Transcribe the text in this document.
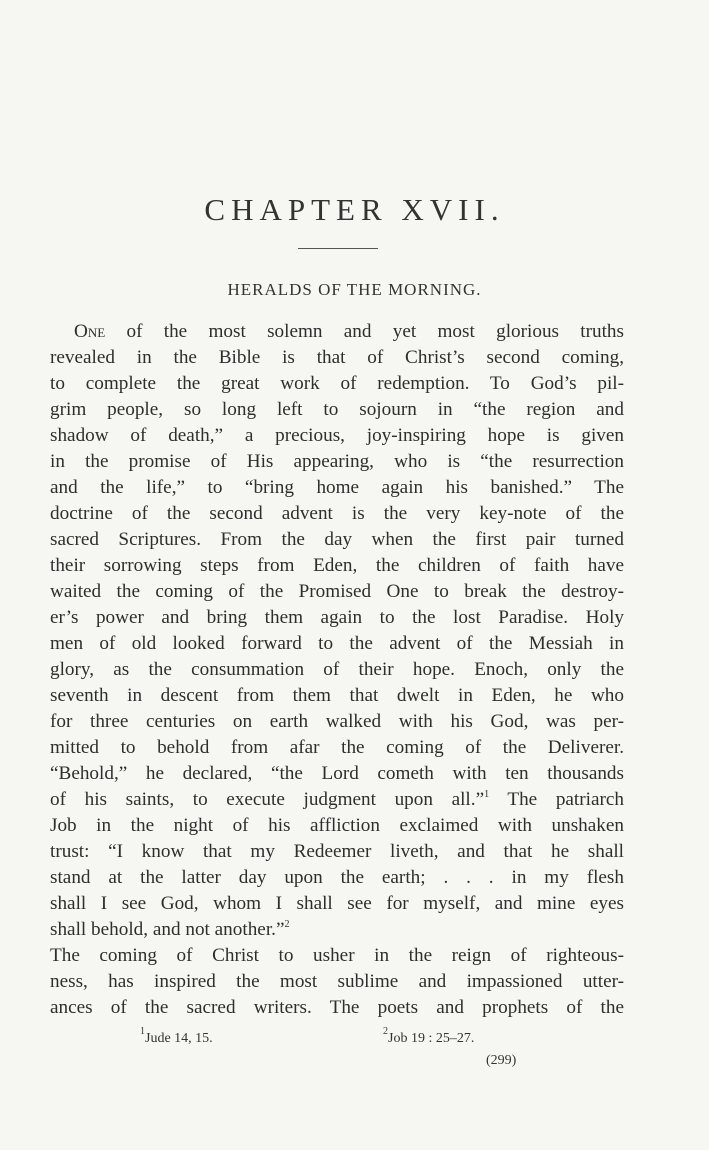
CHAPTER XVII.
HERALDS OF THE MORNING.
One of the most solemn and yet most glorious truths
revealed in the Bible is that of Christ’s second coming,
to complete the great work of redemption. To God’s pil-
grim people, so long left to sojourn in “the region and
shadow of death,” a precious, joy-inspiring hope is given
in the promise of His appearing, who is “the resurrection
and the life,” to “bring home again his banished.” The
doctrine of the second advent is the very key-note of the
sacred Scriptures. From the day when the first pair turned
their sorrowing steps from Eden, the children of faith have
waited the coming of the Promised One to break the destroy-
er’s power and bring them again to the lost Paradise. Holy
men of old looked forward to the advent of the Messiah in
glory, as the consummation of their hope. Enoch, only the
seventh in descent from them that dwelt in Eden, he who
for three centuries on earth walked with his God, was per-
mitted to behold from afar the coming of the Deliverer.
“Behold,” he declared, “the Lord cometh with ten thousands
of his saints, to execute judgment upon all.”$^1$ The patriarch
Job in the night of his affliction exclaimed with unshaken
trust: “I know that my Redeemer liveth, and that he shall
stand at the latter day upon the earth; . . . in my flesh
shall I see God, whom I shall see for myself, and mine eyes
shall behold, and not another.”$^2$
The coming of Christ to usher in the reign of righteous-
ness, has inspired the most sublime and impassioned utter-
ances of the sacred writers. The poets and prophets of the
$^1$Jude 14, 15.	$^2$Job 19 : 25–27.
(299)
